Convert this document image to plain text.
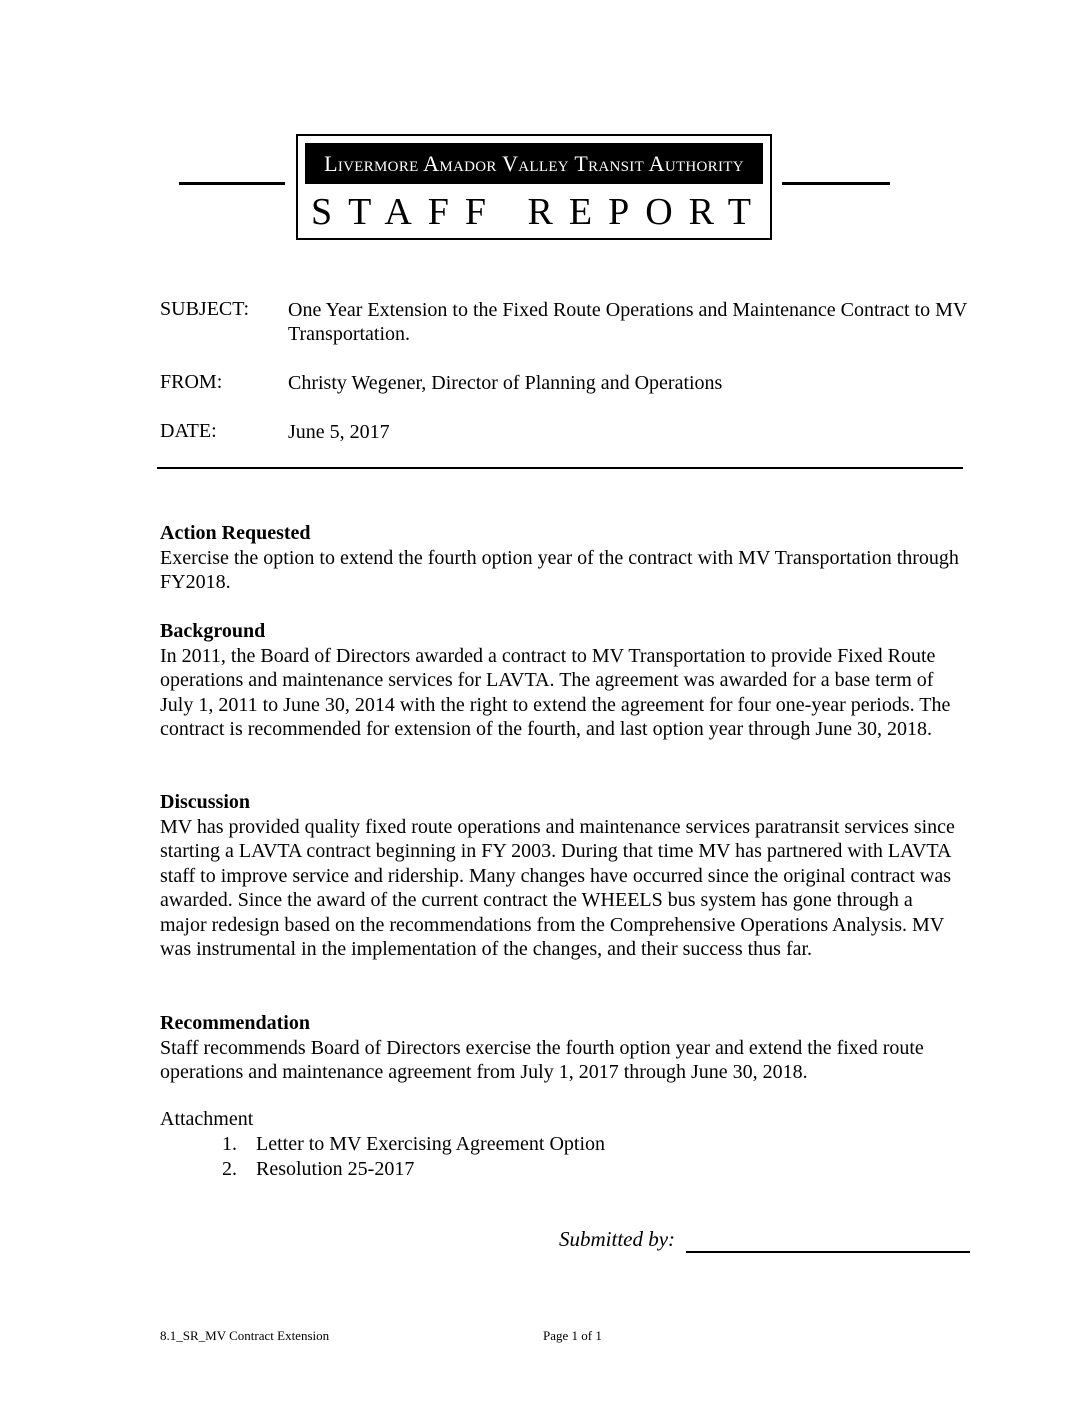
Livermore Amador Valley Transit Authority
STAFF REPORT
SUBJECT: One Year Extension to the Fixed Route Operations and Maintenance Contract to MV Transportation.
FROM:	Christy Wegener, Director of Planning and Operations
DATE:	June 5, 2017
Action Requested

Exercise the option to extend the fourth option year of the contract with MV Transportation through FY2018.

Background

In 2011, the Board of Directors awarded a contract to MV Transportation to provide Fixed Route operations and maintenance services for LAVTA. The agreement was awarded for a base term of July 1, 2011 to June 30, 2014 with the right to extend the agreement for four one-year periods. The contract is recommended for extension of the fourth, and last option year through June 30, 2018.

Discussion

MV has provided quality fixed route operations and maintenance services paratransit services since starting a LAVTA contract beginning in FY 2003. During that time MV has partnered with LAVTA staff to improve service and ridership. Many changes have occurred since the original contract was awarded. Since the award of the current contract the WHEELS bus system has gone through a major redesign based on the recommendations from the Comprehensive Operations Analysis. MV was instrumental in the implementation of the changes, and their success thus far.

Recommendation

Staff recommends Board of Directors exercise the fourth option year and extend the fixed route operations and maintenance agreement from July 1, 2017 through June 30, 2018.

Attachment
1. Letter to MV Exercising Agreement Option
2. Resolution 25-2017
Submitted by:
8.1_SR_MV Contract Extension	Page 1 of 1
